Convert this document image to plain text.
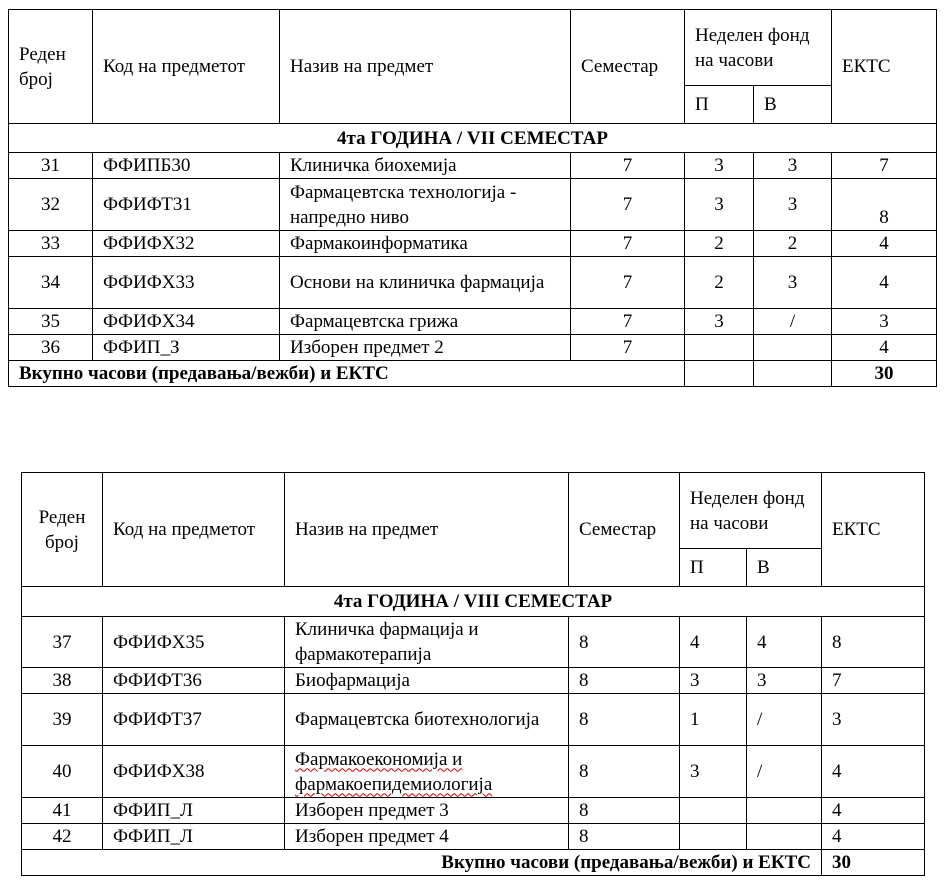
Реден број	Код на предметот	Назив на предмет	Семестар	Неделен фонд на часови		ЕКТС
				П	В	
4та ГОДИНА / VII СЕМЕСТАР						
31	ФФИПБ30	Клиничка биохемија	7	3	3	7
32	ФФИФТ31	Фармацевтска технологија - напредно ниво	7	3	3	8
33	ФФИФХ32	Фармакоинформатика	7	2	2	4
34	ФФИФХ33	Основи на клиничка фармација	7	2	3	4
35	ФФИФХ34	Фармацевтска грижа	7	3	/	3
36	ФФИП_З	Изборен предмет 2	7			4
Вкупно часови (предавања/вежби) и ЕКТС						30
Реден број	Код на предметот	Назив на предмет	Семестар	Неделен фонд на часови		ЕКТС
				П	В	
4та ГОДИНА / VIII СЕМЕСТАР						
37	ФФИФХ35	Клиничка фармација и фармакотерапија	8	4	4	8
38	ФФИФТ36	Биофармација	8	3	3	7
39	ФФИФТ37	Фармацевтска биотехнологија	8	1	/	3
40	ФФИФХ38	Фармакоекономија и фармакоепидемиологија	8	3	/	4
41	ФФИП_Л	Изборен предмет 3	8			4
42	ФФИП_Л	Изборен предмет 4	8			4
Вкупно часови (предавања/вежби) и ЕКТС						30
